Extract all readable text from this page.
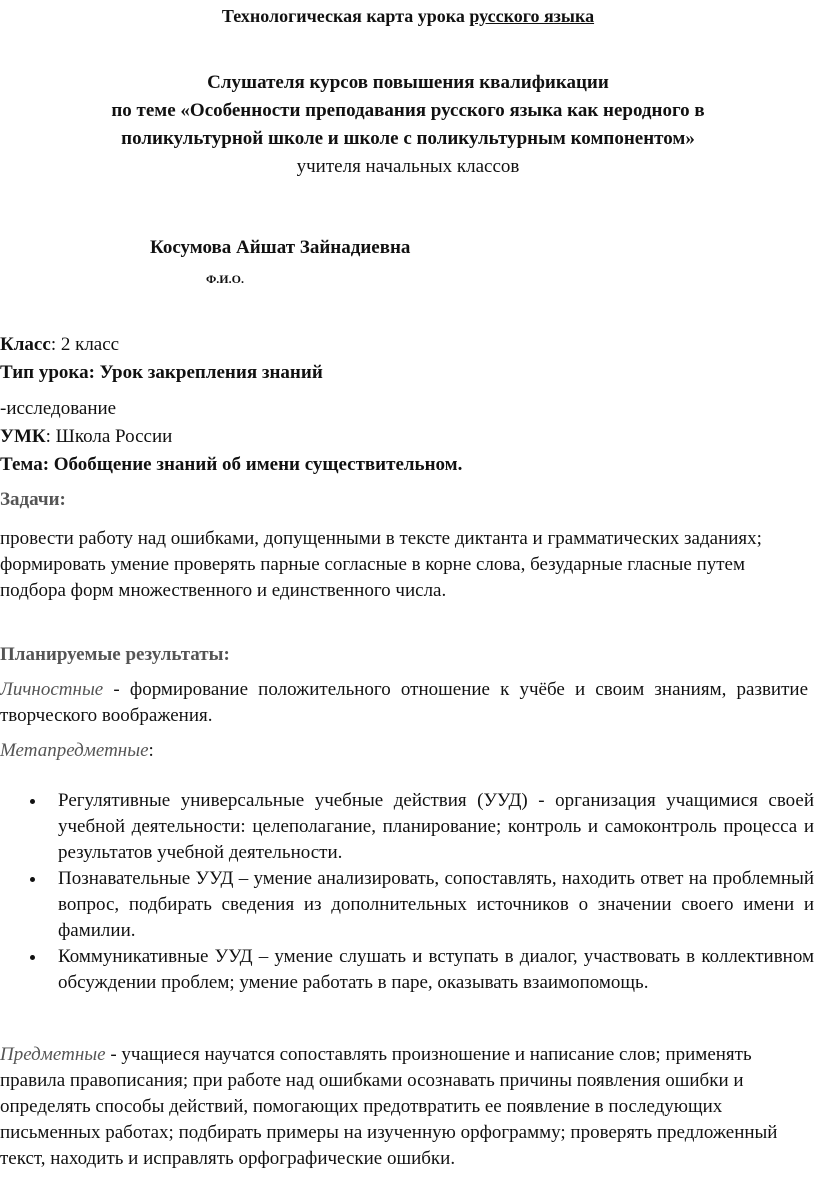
Технологическая карта урока русского языка
Слушателя курсов повышения квалификации
по теме «Особенности преподавания русского языка как неродного в
поликультурной школе и школе с поликультурным компонентом»
учителя начальных классов
Косумова Айшат Зайнадиевна
Ф.И.О.
Класс: 2 класс
Тип урока: Урок закрепления знаний
-исследование
УМК: Школа России
Тема: Обобщение знаний об имени существительном.
Задачи:
провести работу над ошибками, допущенными в тексте диктанта и грамматических заданиях; формировать умение проверять парные согласные в корне слова, безударные гласные путем подбора форм множественного и единственного числа.
Планируемые результаты:
Личностные - формирование положительного отношение к учёбе и своим знаниям, развитие творческого воображения.
Метапредметные:
Регулятивные универсальные учебные действия (УУД) - организация учащимися своей учебной деятельности: целеполагание, планирование; контроль и самоконтроль процесса и результатов учебной деятельности.
Познавательные УУД – умение анализировать, сопоставлять, находить ответ на проблемный вопрос, подбирать сведения из дополнительных источников о значении своего имени и фамилии.
Коммуникативные УУД – умение слушать и вступать в диалог, участвовать в коллективном обсуждении проблем; умение работать в паре, оказывать взаимопомощь.
Предметные - учащиеся научатся сопоставлять произношение и написание слов; применять правила правописания; при работе над ошибками осознавать причины появления ошибки и определять способы действий, помогающих предотвратить ее появление в последующих письменных работах; подбирать примеры на изученную орфограмму; проверять предложенный текст, находить и исправлять орфографические ошибки.
